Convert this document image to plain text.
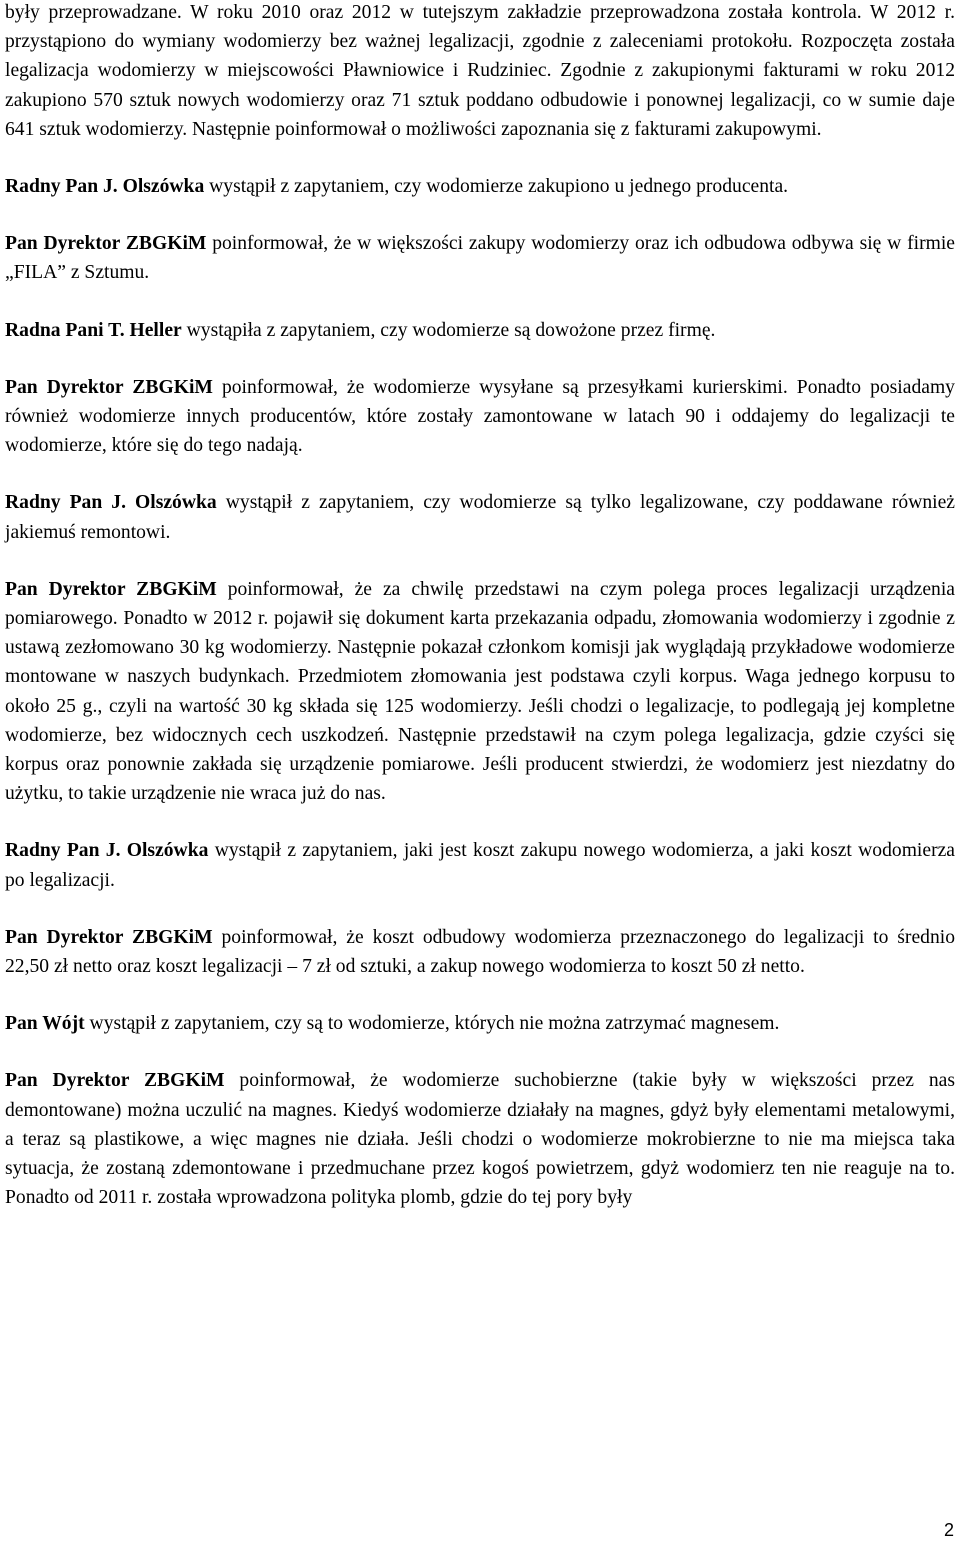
były przeprowadzane. W roku 2010 oraz 2012 w tutejszym zakładzie przeprowadzona została kontrola. W 2012 r. przystąpiono do wymiany wodomierzy bez ważnej legalizacji, zgodnie z zaleceniami protokołu. Rozpoczęta została legalizacja wodomierzy w miejscowości Pławniowice i Rudziniec. Zgodnie z zakupionymi fakturami w roku 2012 zakupiono 570 sztuk nowych wodomierzy oraz 71 sztuk poddano odbudowie i ponownej legalizacji, co w sumie daje 641 sztuk wodomierzy. Następnie poinformował o możliwości zapoznania się z fakturami zakupowymi.

Radny Pan J. Olszówka wystąpił z zapytaniem, czy wodomierze zakupiono u jednego producenta.

Pan Dyrektor ZBGKiM poinformował, że w większości zakupy wodomierzy oraz ich odbudowa odbywa się w firmie „FILA” z Sztumu.

Radna Pani T. Heller wystąpiła z zapytaniem, czy wodomierze są dowożone przez firmę.

Pan Dyrektor ZBGKiM poinformował, że wodomierze wysyłane są przesyłkami kurierskimi. Ponadto posiadamy również wodomierze innych producentów, które zostały zamontowane w latach 90 i oddajemy do legalizacji te wodomierze, które się do tego nadają.

Radny Pan J. Olszówka wystąpił z zapytaniem, czy wodomierze są tylko legalizowane, czy poddawane również jakiemuś remontowi.

Pan Dyrektor ZBGKiM poinformował, że za chwilę przedstawi na czym polega proces legalizacji urządzenia pomiarowego. Ponadto w 2012 r. pojawił się dokument karta przekazania odpadu, złomowania wodomierzy i zgodnie z ustawą zezłomowano 30 kg wodomierzy. Następnie pokazał członkom komisji jak wyglądają przykładowe wodomierze montowane w naszych budynkach. Przedmiotem złomowania jest podstawa czyli korpus. Waga jednego korpusu to około 25 g., czyli na wartość 30 kg składa się 125 wodomierzy. Jeśli chodzi o legalizacje, to podlegają jej kompletne wodomierze, bez widocznych cech uszkodzeń. Następnie przedstawił na czym polega legalizacja, gdzie czyści się korpus oraz ponownie zakłada się urządzenie pomiarowe. Jeśli producent stwierdzi, że wodomierz jest niezdatny do użytku, to takie urządzenie nie wraca już do nas.

Radny Pan J. Olszówka wystąpił z zapytaniem, jaki jest koszt zakupu nowego wodomierza, a jaki koszt wodomierza po legalizacji.

Pan Dyrektor ZBGKiM poinformował, że koszt odbudowy wodomierza przeznaczonego do legalizacji to średnio 22,50 zł netto oraz koszt legalizacji – 7 zł od sztuki, a zakup nowego wodomierza to koszt 50 zł netto.

Pan Wójt wystąpił z zapytaniem, czy są to wodomierze, których nie można zatrzymać magnesem.

Pan Dyrektor ZBGKiM poinformował, że wodomierze suchobierzne (takie były w większości przez nas demontowane) można uczulić na magnes. Kiedyś wodomierze działały na magnes, gdyż były elementami metalowymi, a teraz są plastikowe, a więc magnes nie działa. Jeśli chodzi o wodomierze mokrobierzne to nie ma miejsca taka sytuacja, że zostaną zdemontowane i przedmuchane przez kogoś powietrzem, gdyż wodomierz ten nie reaguje na to. Ponadto od 2011 r. została wprowadzona polityka plomb, gdzie do tej pory były

2
